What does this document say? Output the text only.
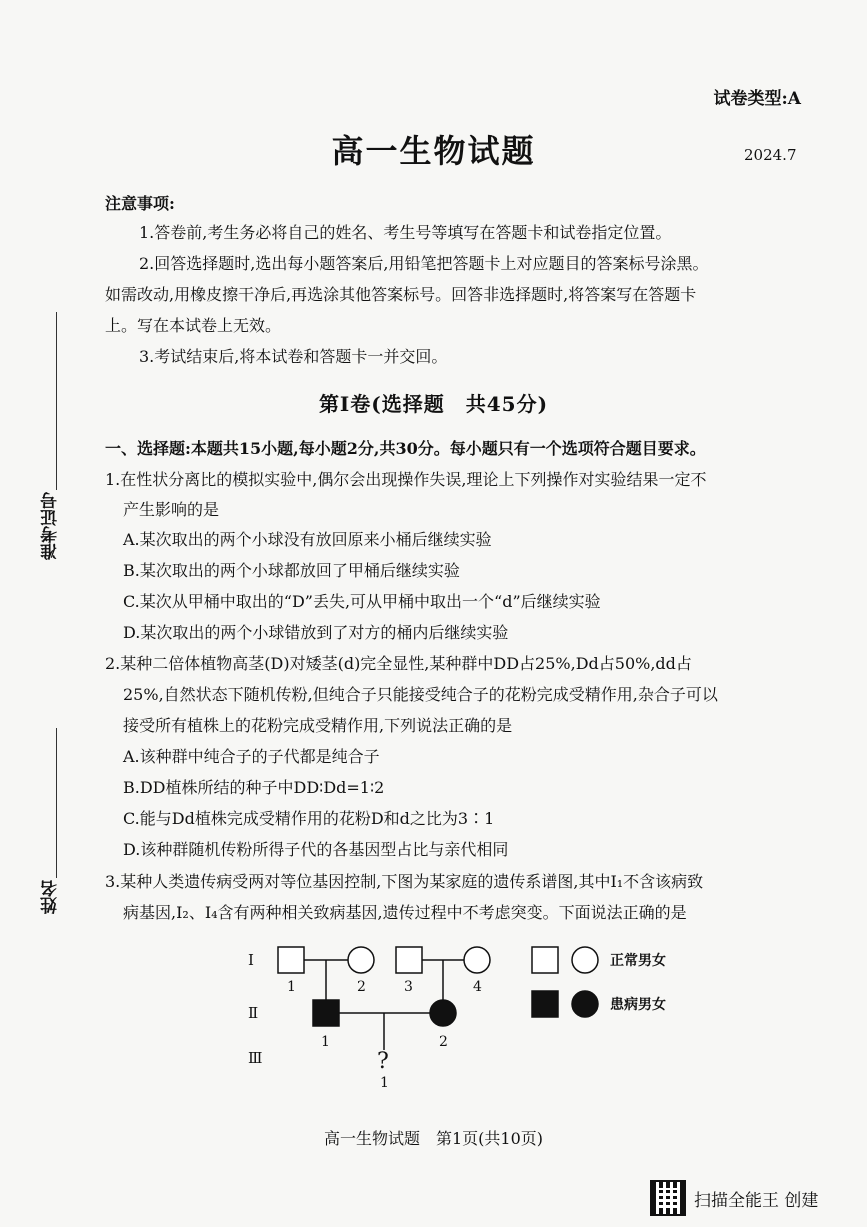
准考证号
姓名
试卷类型:A
高一生物试题	2024.7
注意事项:
1.答卷前,考生务必将自己的姓名、考生号等填写在答题卡和试卷指定位置。
2.回答选择题时,选出每小题答案后,用铅笔把答题卡上对应题目的答案标号涂黑。
如需改动,用橡皮擦干净后,再选涂其他答案标号。回答非选择题时,将答案写在答题卡
上。写在本试卷上无效。
3.考试结束后,将本试卷和答题卡一并交回。
第Ⅰ卷(选择题　共45分)
一、选择题:本题共15小题,每小题2分,共30分。每小题只有一个选项符合题目要求。
1.在性状分离比的模拟实验中,偶尔会出现操作失误,理论上下列操作对实验结果一定不
产生影响的是
A.某次取出的两个小球没有放回原来小桶后继续实验
B.某次取出的两个小球都放回了甲桶后继续实验
C.某次从甲桶中取出的“D”丢失,可从甲桶中取出一个“d”后继续实验
D.某次取出的两个小球错放到了对方的桶内后继续实验
2.某种二倍体植物高茎(D)对矮茎(d)完全显性,某种群中DD占25%,Dd占50%,dd占
25%,自然状态下随机传粉,但纯合子只能接受纯合子的花粉完成受精作用,杂合子可以
接受所有植株上的花粉完成受精作用,下列说法正确的是
A.该种群中纯合子的子代都是纯合子
B.DD植株所结的种子中DD∶Dd=1∶2
C.能与Dd植株完成受精作用的花粉D和d之比为3∶1
D.该种群随机传粉所得子代的各基因型占比与亲代相同
3.某种人类遗传病受两对等位基因控制,下图为某家庭的遗传系谱图,其中Ⅰ₁不含该病致
病基因,Ⅰ₂、Ⅰ₄含有两种相关致病基因,遗传过程中不考虑突变。下面说法正确的是
Ⅰ
Ⅱ
Ⅲ
1	2	3	4
1	2
?
1
正常男女
患病男女
高一生物试题　第1页(共10页)
扫描全能王 创建
